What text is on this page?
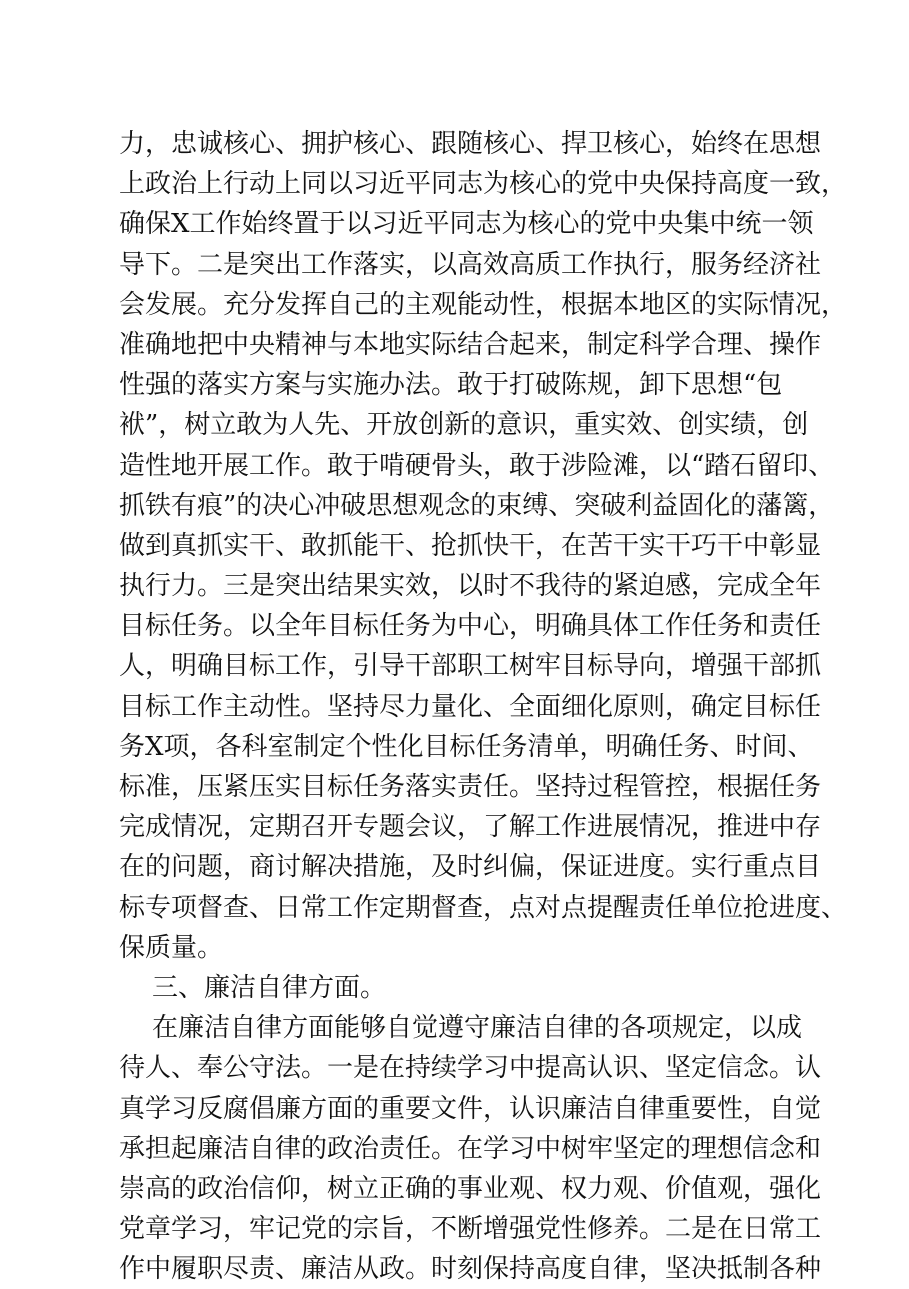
力，忠诚核心、拥护核心、跟随核心、捍卫核心，始终在思想

上政治上行动上同以习近平同志为核心的党中央保持高度一致，

确保X工作始终置于以习近平同志为核心的党中央集中统一领

导下。二是突出工作落实，以高效高质工作执行，服务经济社

会发展。充分发挥自己的主观能动性，根据本地区的实际情况，

准确地把中央精神与本地实际结合起来，制定科学合理、操作

性强的落实方案与实施办法。敢于打破陈规，卸下思想“包

袱”，树立敢为人先、开放创新的意识，重实效、创实绩，创

造性地开展工作。敢于啃硬骨头，敢于涉险滩，以“踏石留印、

抓铁有痕”的决心冲破思想观念的束缚、突破利益固化的藩篱，

做到真抓实干、敢抓能干、抢抓快干，在苦干实干巧干中彰显

执行力。三是突出结果实效，以时不我待的紧迫感，完成全年

目标任务。以全年目标任务为中心，明确具体工作任务和责任

人，明确目标工作，引导干部职工树牢目标导向，增强干部抓

目标工作主动性。坚持尽力量化、全面细化原则，确定目标任

务X项，各科室制定个性化目标任务清单，明确任务、时间、

标准，压紧压实目标任务落实责任。坚持过程管控，根据任务

完成情况，定期召开专题会议，了解工作进展情况，推进中存

在的问题，商讨解决措施，及时纠偏，保证进度。实行重点目

标专项督查、日常工作定期督查，点对点提醒责任单位抢进度、

保质量。

三、廉洁自律方面。

在廉洁自律方面能够自觉遵守廉洁自律的各项规定，以成

待人、奉公守法。一是在持续学习中提高认识、坚定信念。认

真学习反腐倡廉方面的重要文件，认识廉洁自律重要性，自觉

承担起廉洁自律的政治责任。在学习中树牢坚定的理想信念和

崇高的政治信仰，树立正确的事业观、权力观、价值观，强化

党章学习，牢记党的宗旨，不断增强党性修养。二是在日常工

作中履职尽责、廉洁从政。时刻保持高度自律，坚决抵制各种
